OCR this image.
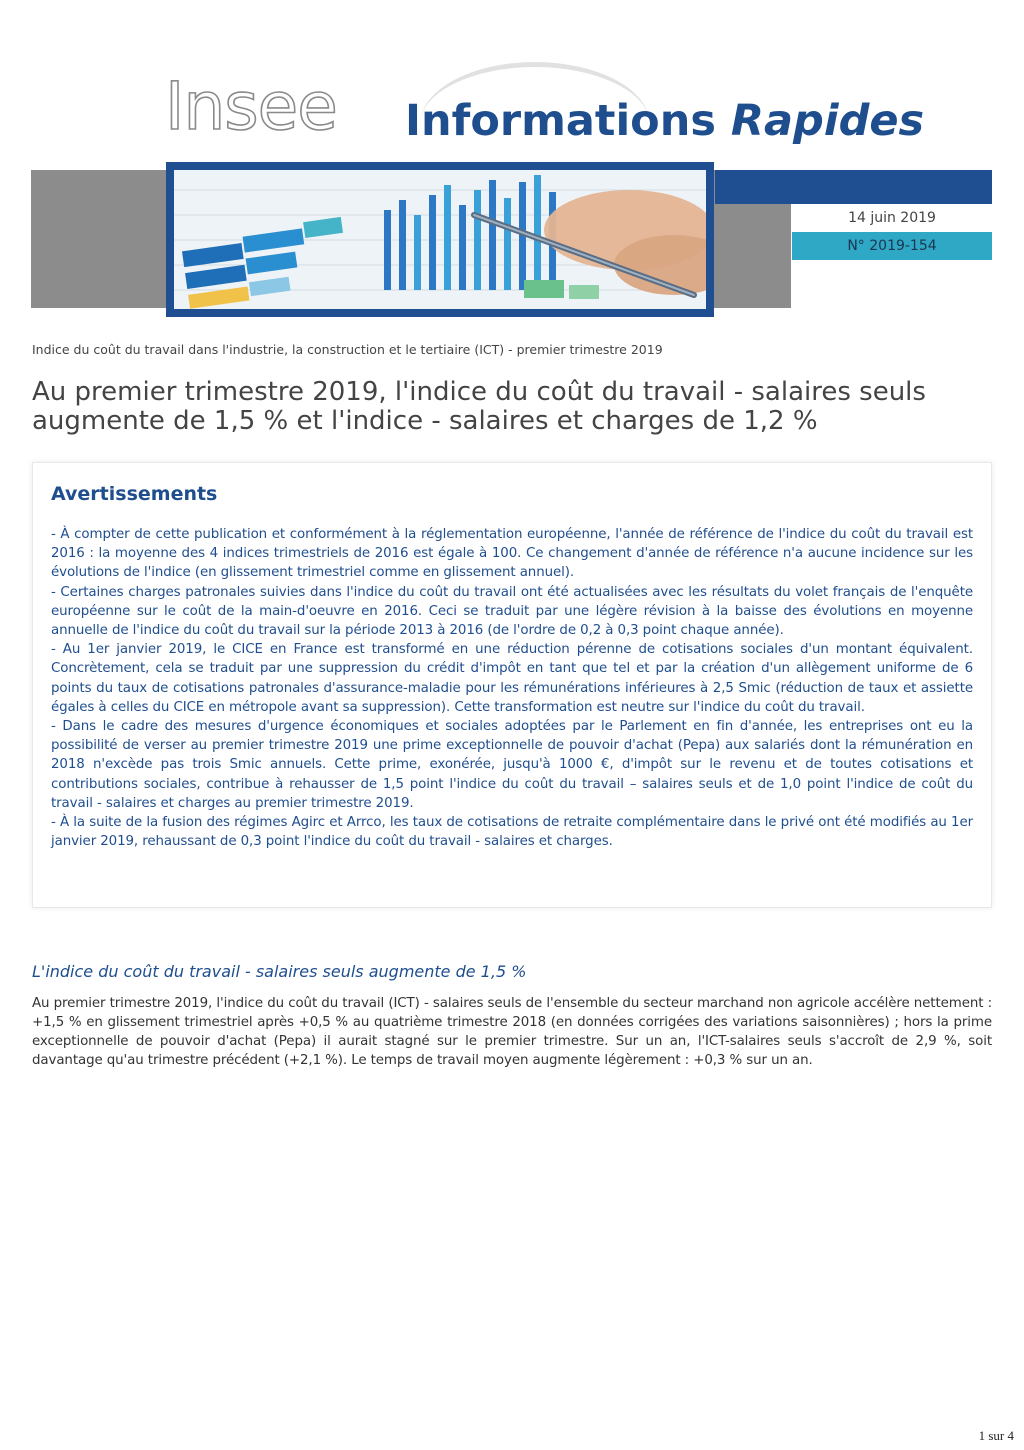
Insee Informations Rapides
14 juin 2019
N° 2019-154
Indice du coût du travail dans l'industrie, la construction et le tertiaire (ICT) - premier trimestre 2019
Au premier trimestre 2019, l'indice du coût du travail - salaires seuls augmente de 1,5 % et l'indice - salaires et charges de 1,2 %
Avertissements

- À compter de cette publication et conformément à la réglementation européenne, l'année de référence de l'indice du coût du travail est 2016 : la moyenne des 4 indices trimestriels de 2016 est égale à 100. Ce changement d'année de référence n'a aucune incidence sur les évolutions de l'indice (en glissement trimestriel comme en glissement annuel).

- Certaines charges patronales suivies dans l'indice du coût du travail ont été actualisées avec les résultats du volet français de l'enquête européenne sur le coût de la main-d'oeuvre en 2016. Ceci se traduit par une légère révision à la baisse des évolutions en moyenne annuelle de l'indice du coût du travail sur la période 2013 à 2016 (de l'ordre de 0,2 à 0,3 point chaque année).

- Au 1er janvier 2019, le CICE en France est transformé en une réduction pérenne de cotisations sociales d'un montant équivalent. Concrètement, cela se traduit par une suppression du crédit d'impôt en tant que tel et par la création d'un allègement uniforme de 6 points du taux de cotisations patronales d'assurance-maladie pour les rémunérations inférieures à 2,5 Smic (réduction de taux et assiette égales à celles du CICE en métropole avant sa suppression). Cette transformation est neutre sur l'indice du coût du travail.

- Dans le cadre des mesures d'urgence économiques et sociales adoptées par le Parlement en fin d'année, les entreprises ont eu la possibilité de verser au premier trimestre 2019 une prime exceptionnelle de pouvoir d'achat (Pepa) aux salariés dont la rémunération en 2018 n'excède pas trois Smic annuels. Cette prime, exonérée, jusqu'à 1000 €, d'impôt sur le revenu et de toutes cotisations et contributions sociales, contribue à rehausser de 1,5 point l'indice du coût du travail – salaires seuls et de 1,0 point l'indice de coût du travail - salaires et charges au premier trimestre 2019.

- À la suite de la fusion des régimes Agirc et Arrco, les taux de cotisations de retraite complémentaire dans le privé ont été modifiés au 1er janvier 2019, rehaussant de 0,3 point l'indice du coût du travail - salaires et charges.

L'indice du coût du travail - salaires seuls augmente de 1,5 %

Au premier trimestre 2019, l'indice du coût du travail (ICT) - salaires seuls de l'ensemble du secteur marchand non agricole accélère nettement : +1,5 % en glissement trimestriel après +0,5 % au quatrième trimestre 2018 (en données corrigées des variations saisonnières) ; hors la prime exceptionnelle de pouvoir d'achat (Pepa) il aurait stagné sur le premier trimestre. Sur un an, l'ICT-salaires seuls s'accroît de 2,9 %, soit davantage qu'au trimestre précédent (+2,1 %). Le temps de travail moyen augmente légèrement : +0,3 % sur un an.

1 sur 4
